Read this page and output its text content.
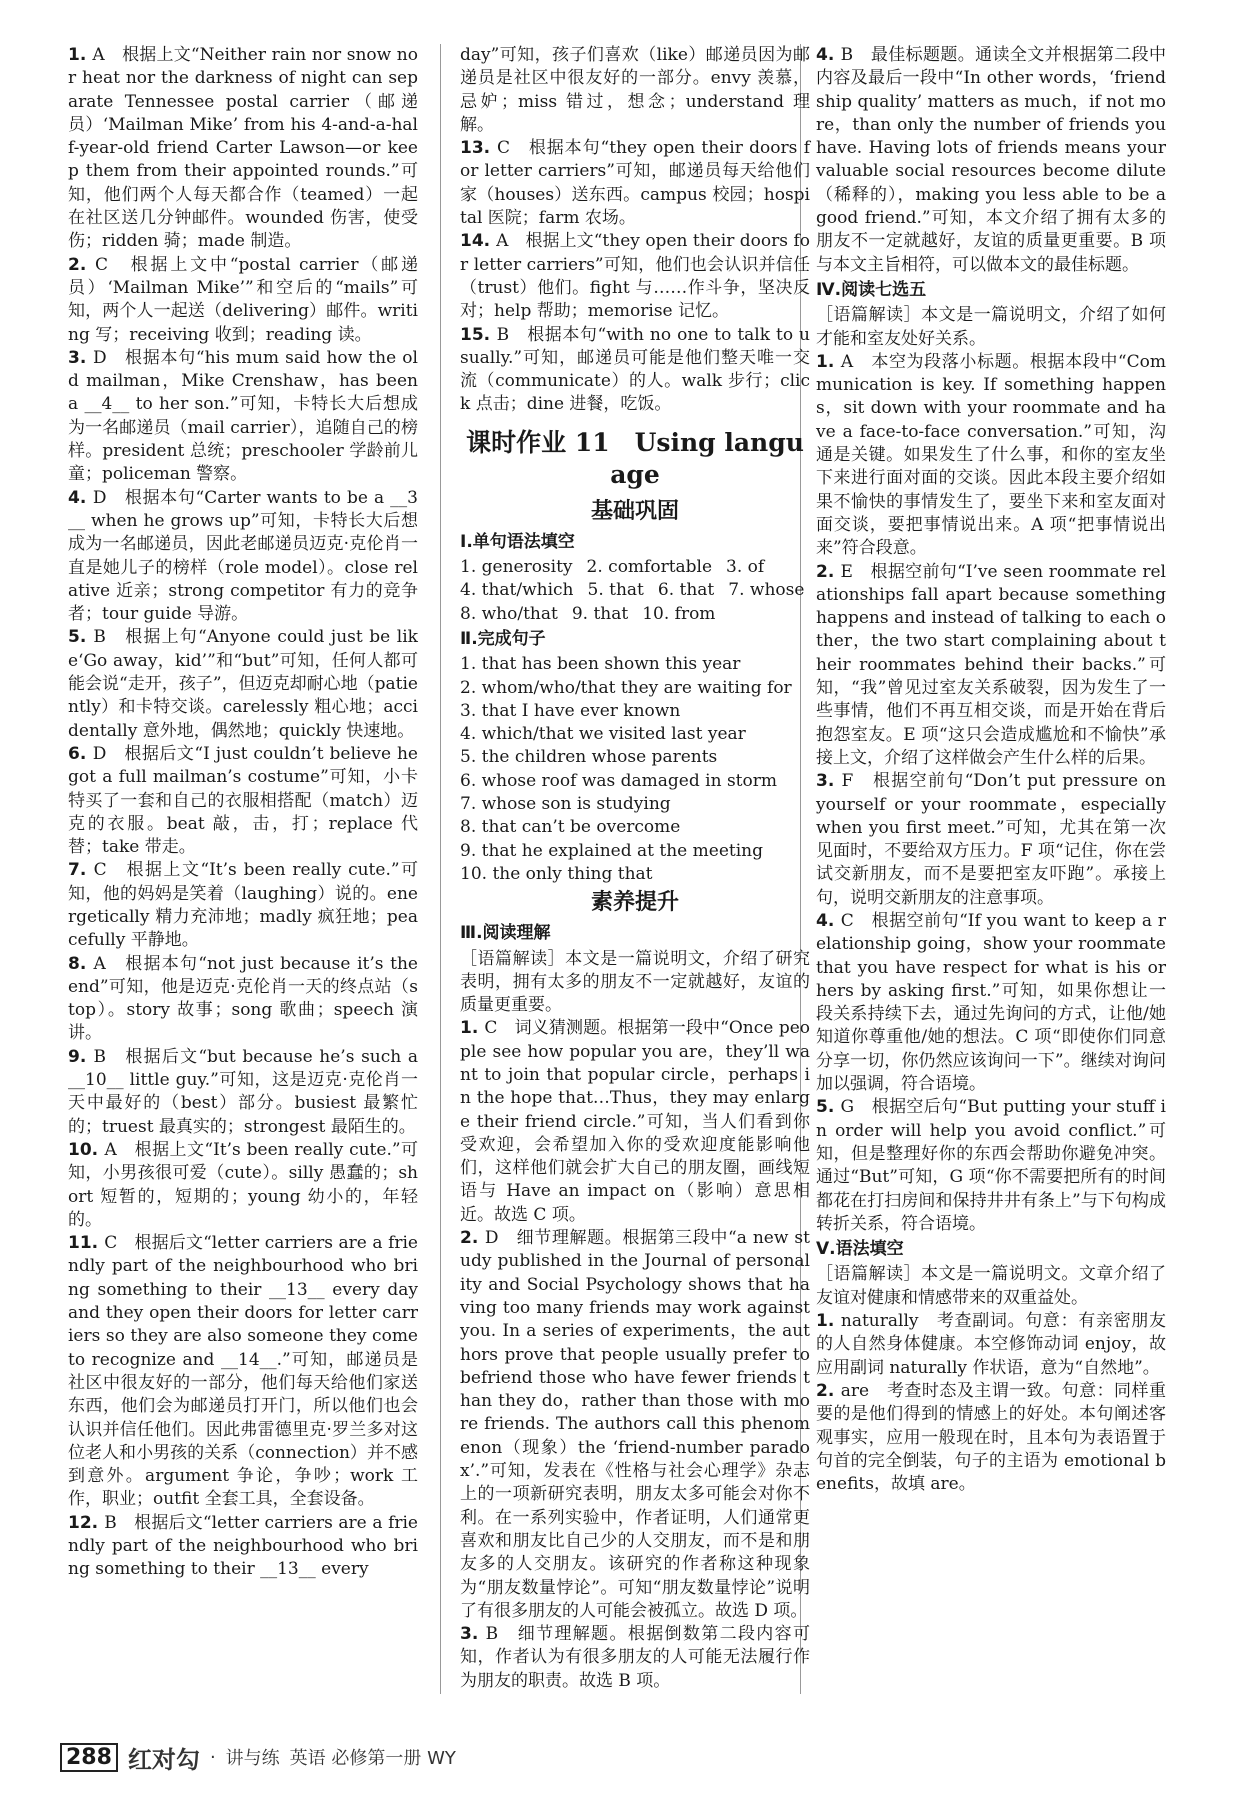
1. A　根据上文“Neither rain nor snow nor heat nor the darkness of night can separate Tennessee postal carrier（邮递员）‘Mailman Mike’ from his 4-and-a-half-year-old friend Carter Lawson—or keep them from their appointed rounds.”可知，他们两个人每天都合作（teamed）一起在社区送几分钟邮件。wounded 伤害，使受伤；ridden 骑；made 制造。

2. C　根据上文中“postal carrier（邮递员）‘Mailman Mike’”和空后的“mails”可知，两个人一起送（delivering）邮件。writing 写；receiving 收到；reading 读。

3. D　根据本句“his mum said how the old mailman，Mike Crenshaw，has been a __4__ to her son.”可知，卡特长大后想成为一名邮递员（mail carrier），追随自己的榜样。president 总统；preschooler 学龄前儿童；policeman 警察。

4. D　根据本句“Carter wants to be a __3__ when he grows up”可知，卡特长大后想成为一名邮递员，因此老邮递员迈克·克伦肖一直是她儿子的榜样（role model）。close relative 近亲；strong competitor 有力的竞争者；tour guide 导游。

5. B　根据上句“Anyone could just be like‘Go away，kid’”和“but”可知，任何人都可能会说“走开，孩子”，但迈克却耐心地（patiently）和卡特交谈。carelessly 粗心地；accidentally 意外地，偶然地；quickly 快速地。

6. D　根据后文“I just couldn’t believe he got a full mailman’s costume”可知，小卡特买了一套和自己的衣服相搭配（match）迈克的衣服。beat 敲，击，打；replace 代替；take 带走。

7. C　根据上文“It’s been really cute.”可知，他的妈妈是笑着（laughing）说的。energetically 精力充沛地；madly 疯狂地；peacefully 平静地。

8. A　根据本句“not just because it’s the end”可知，他是迈克·克伦肖一天的终点站（stop）。story 故事；song 歌曲；speech 演讲。

9. B　根据后文“but because he’s such a __10__ little guy.”可知，这是迈克·克伦肖一天中最好的（best）部分。busiest 最繁忙的；truest 最真实的；strongest 最陌生的。

10. A　根据上文“It’s been really cute.”可知，小男孩很可爱（cute）。silly 愚蠢的；short 短暂的，短期的；young 幼小的，年轻的。

11. C　根据后文“letter carriers are a friendly part of the neighbourhood who bring something to their __13__ every day and they open their doors for letter carriers so they are also someone they come to recognize and __14__.”可知，邮递员是社区中很友好的一部分，他们每天给他们家送东西，他们会为邮递员打开门，所以他们也会认识并信任他们。因此弗雷德里克·罗兰多对这位老人和小男孩的关系（connection）并不感到意外。argument 争论，争吵；work 工作，职业；outfit 全套工具，全套设备。

12. B　根据后文“letter carriers are a friendly part of the neighbourhood who bring something to their __13__ every

day”可知，孩子们喜欢（like）邮递员因为邮递员是社区中很友好的一部分。envy 羡慕，忌妒；miss 错过，想念；understand 理解。

13. C　根据本句“they open their doors for letter carriers”可知，邮递员每天给他们家（houses）送东西。campus 校园；hospital 医院；farm 农场。

14. A　根据上文“they open their doors for letter carriers”可知，他们也会认识并信任（trust）他们。fight 与……作斗争，坚决反对；help 帮助；memorise 记忆。

15. B　根据本句“with no one to talk to usually.”可知，邮递员可能是他们整天唯一交流（communicate）的人。walk 步行；click 点击；dine 进餐，吃饭。

课时作业 11　Using language
基础巩固
Ⅰ.单句语法填空
1. generosity 2. comfortable 3. of
4. that/which 5. that 6. that 7. whose
8. who/that 9. that 10. from
Ⅱ.完成句子
1. that has been shown this year
2. whom/who/that they are waiting for
3. that I have ever known
4. which/that we visited last year
5. the children whose parents
6. whose roof was damaged in storm
7. whose son is studying
8. that can’t be overcome
9. that he explained at the meeting
10. the only thing that
素养提升
Ⅲ.阅读理解

［语篇解读］本文是一篇说明文，介绍了研究表明，拥有太多的朋友不一定就越好，友谊的质量更重要。

1. C　词义猜测题。根据第一段中“Once people see how popular you are，they’ll want to join that popular circle，perhaps in the hope that…Thus，they may enlarge their friend circle.”可知，当人们看到你受欢迎，会希望加入你的受欢迎度能影响他们，这样他们就会扩大自己的朋友圈，画线短语与 Have an impact on（影响）意思相近。故选 C 项。

2. D　细节理解题。根据第三段中“a new study published in the Journal of personality and Social Psychology shows that having too many friends may work against you. In a series of experiments，the authors prove that people usually prefer to befriend those who have fewer friends than they do，rather than those with more friends. The authors call this phenomenon（现象）the ‘friend-number paradox’.”可知，发表在《性格与社会心理学》杂志上的一项新研究表明，朋友太多可能会对你不利。在一系列实验中，作者证明，人们通常更喜欢和朋友比自己少的人交朋友，而不是和朋友多的人交朋友。该研究的作者称这种现象为“朋友数量悖论”。可知“朋友数量悖论”说明了有很多朋友的人可能会被孤立。故选 D 项。

3. B　细节理解题。根据倒数第二段内容可知，作者认为有很多朋友的人可能无法履行作为朋友的职责。故选 B 项。

4. B　最佳标题题。通读全文并根据第二段中内容及最后一段中“In other words，‘friendship quality’ matters as much，if not more，than only the number of friends you have. Having lots of friends means your valuable social resources become dilute（稀释的），making you less able to be a good friend.”可知，本文介绍了拥有太多的朋友不一定就越好，友谊的质量更重要。B 项与本文主旨相符，可以做本文的最佳标题。

Ⅳ.阅读七选五

［语篇解读］本文是一篇说明文，介绍了如何才能和室友处好关系。

1. A　本空为段落小标题。根据本段中“Communication is key. If something happens，sit down with your roommate and have a face-to-face conversation.”可知，沟通是关键。如果发生了什么事，和你的室友坐下来进行面对面的交谈。因此本段主要介绍如果不愉快的事情发生了，要坐下来和室友面对面交谈，要把事情说出来。A 项“把事情说出来”符合段意。

2. E　根据空前句“I’ve seen roommate relationships fall apart because something happens and instead of talking to each other，the two start complaining about their roommates behind their backs.”可知，“我”曾见过室友关系破裂，因为发生了一些事情，他们不再互相交谈，而是开始在背后抱怨室友。E 项“这只会造成尴尬和不愉快”承接上文，介绍了这样做会产生什么样的后果。

3. F　根据空前句“Don’t put pressure on yourself or your roommate，especially when you first meet.”可知，尤其在第一次见面时，不要给双方压力。F 项“记住，你在尝试交新朋友，而不是要把室友吓跑”。承接上句，说明交新朋友的注意事项。

4. C　根据空前句“If you want to keep a relationship going，show your roommate that you have respect for what is his or hers by asking first.”可知，如果你想让一段关系持续下去，通过先询问的方式，让他/她知道你尊重他/她的想法。C 项“即使你们同意分享一切，你仍然应该询问一下”。继续对询问加以强调，符合语境。

5. G　根据空后句“But putting your stuff in order will help you avoid conflict.”可知，但是整理好你的东西会帮助你避免冲突。通过“But”可知，G 项“你不需要把所有的时间都花在打扫房间和保持井井有条上”与下句构成转折关系，符合语境。

Ⅴ.语法填空

［语篇解读］本文是一篇说明文。文章介绍了友谊对健康和情感带来的双重益处。

1. naturally　考查副词。句意：有亲密朋友的人自然身体健康。本空修饰动词 enjoy，故应用副词 naturally 作状语，意为“自然地”。

2. are　考查时态及主谓一致。句意：同样重要的是他们得到的情感上的好处。本句阐述客观事实，应用一般现在时，且本句为表语置于句首的完全倒装，句子的主语为 emotional benefits，故填 are。

288 红对勾 · 讲与练 英语 必修第一册 WY
